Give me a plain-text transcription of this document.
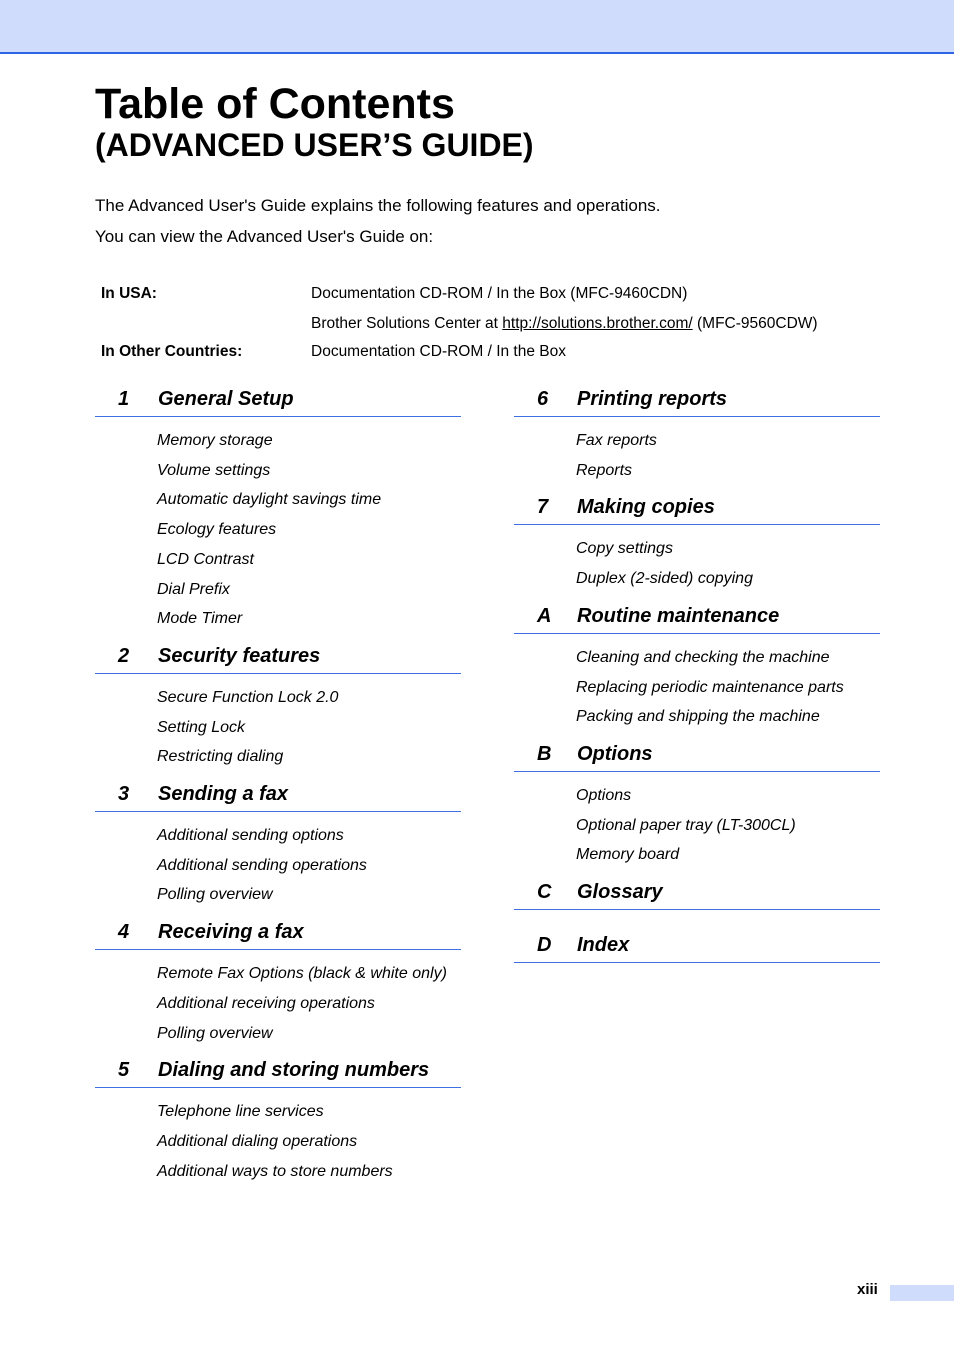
Table of Contents
(ADVANCED USER’S GUIDE)

The Advanced User's Guide explains the following features and operations.

You can view the Advanced User's Guide on:

In USA:	Documentation CD-ROM / In the Box (MFC-9460CDN)
Brother Solutions Center at http://solutions.brother.com/ (MFC-9560CDW)
In Other Countries:	Documentation CD-ROM / In the Box
1 General Setup
Memory storage
Volume settings
Automatic daylight savings time
Ecology features
LCD Contrast
Dial Prefix
Mode Timer
2 Security features
Secure Function Lock 2.0
Setting Lock
Restricting dialing
3 Sending a fax
Additional sending options
Additional sending operations
Polling overview
4 Receiving a fax
Remote Fax Options (black & white only)
Additional receiving operations
Polling overview
5 Dialing and storing numbers
Telephone line services
Additional dialing operations
Additional ways to store numbers
6 Printing reports
Fax reports
Reports
7 Making copies
Copy settings
Duplex (2-sided) copying
A Routine maintenance
Cleaning and checking the machine
Replacing periodic maintenance parts
Packing and shipping the machine
B Options
Options
Optional paper tray (LT-300CL)
Memory board
C Glossary
D Index
xiii
